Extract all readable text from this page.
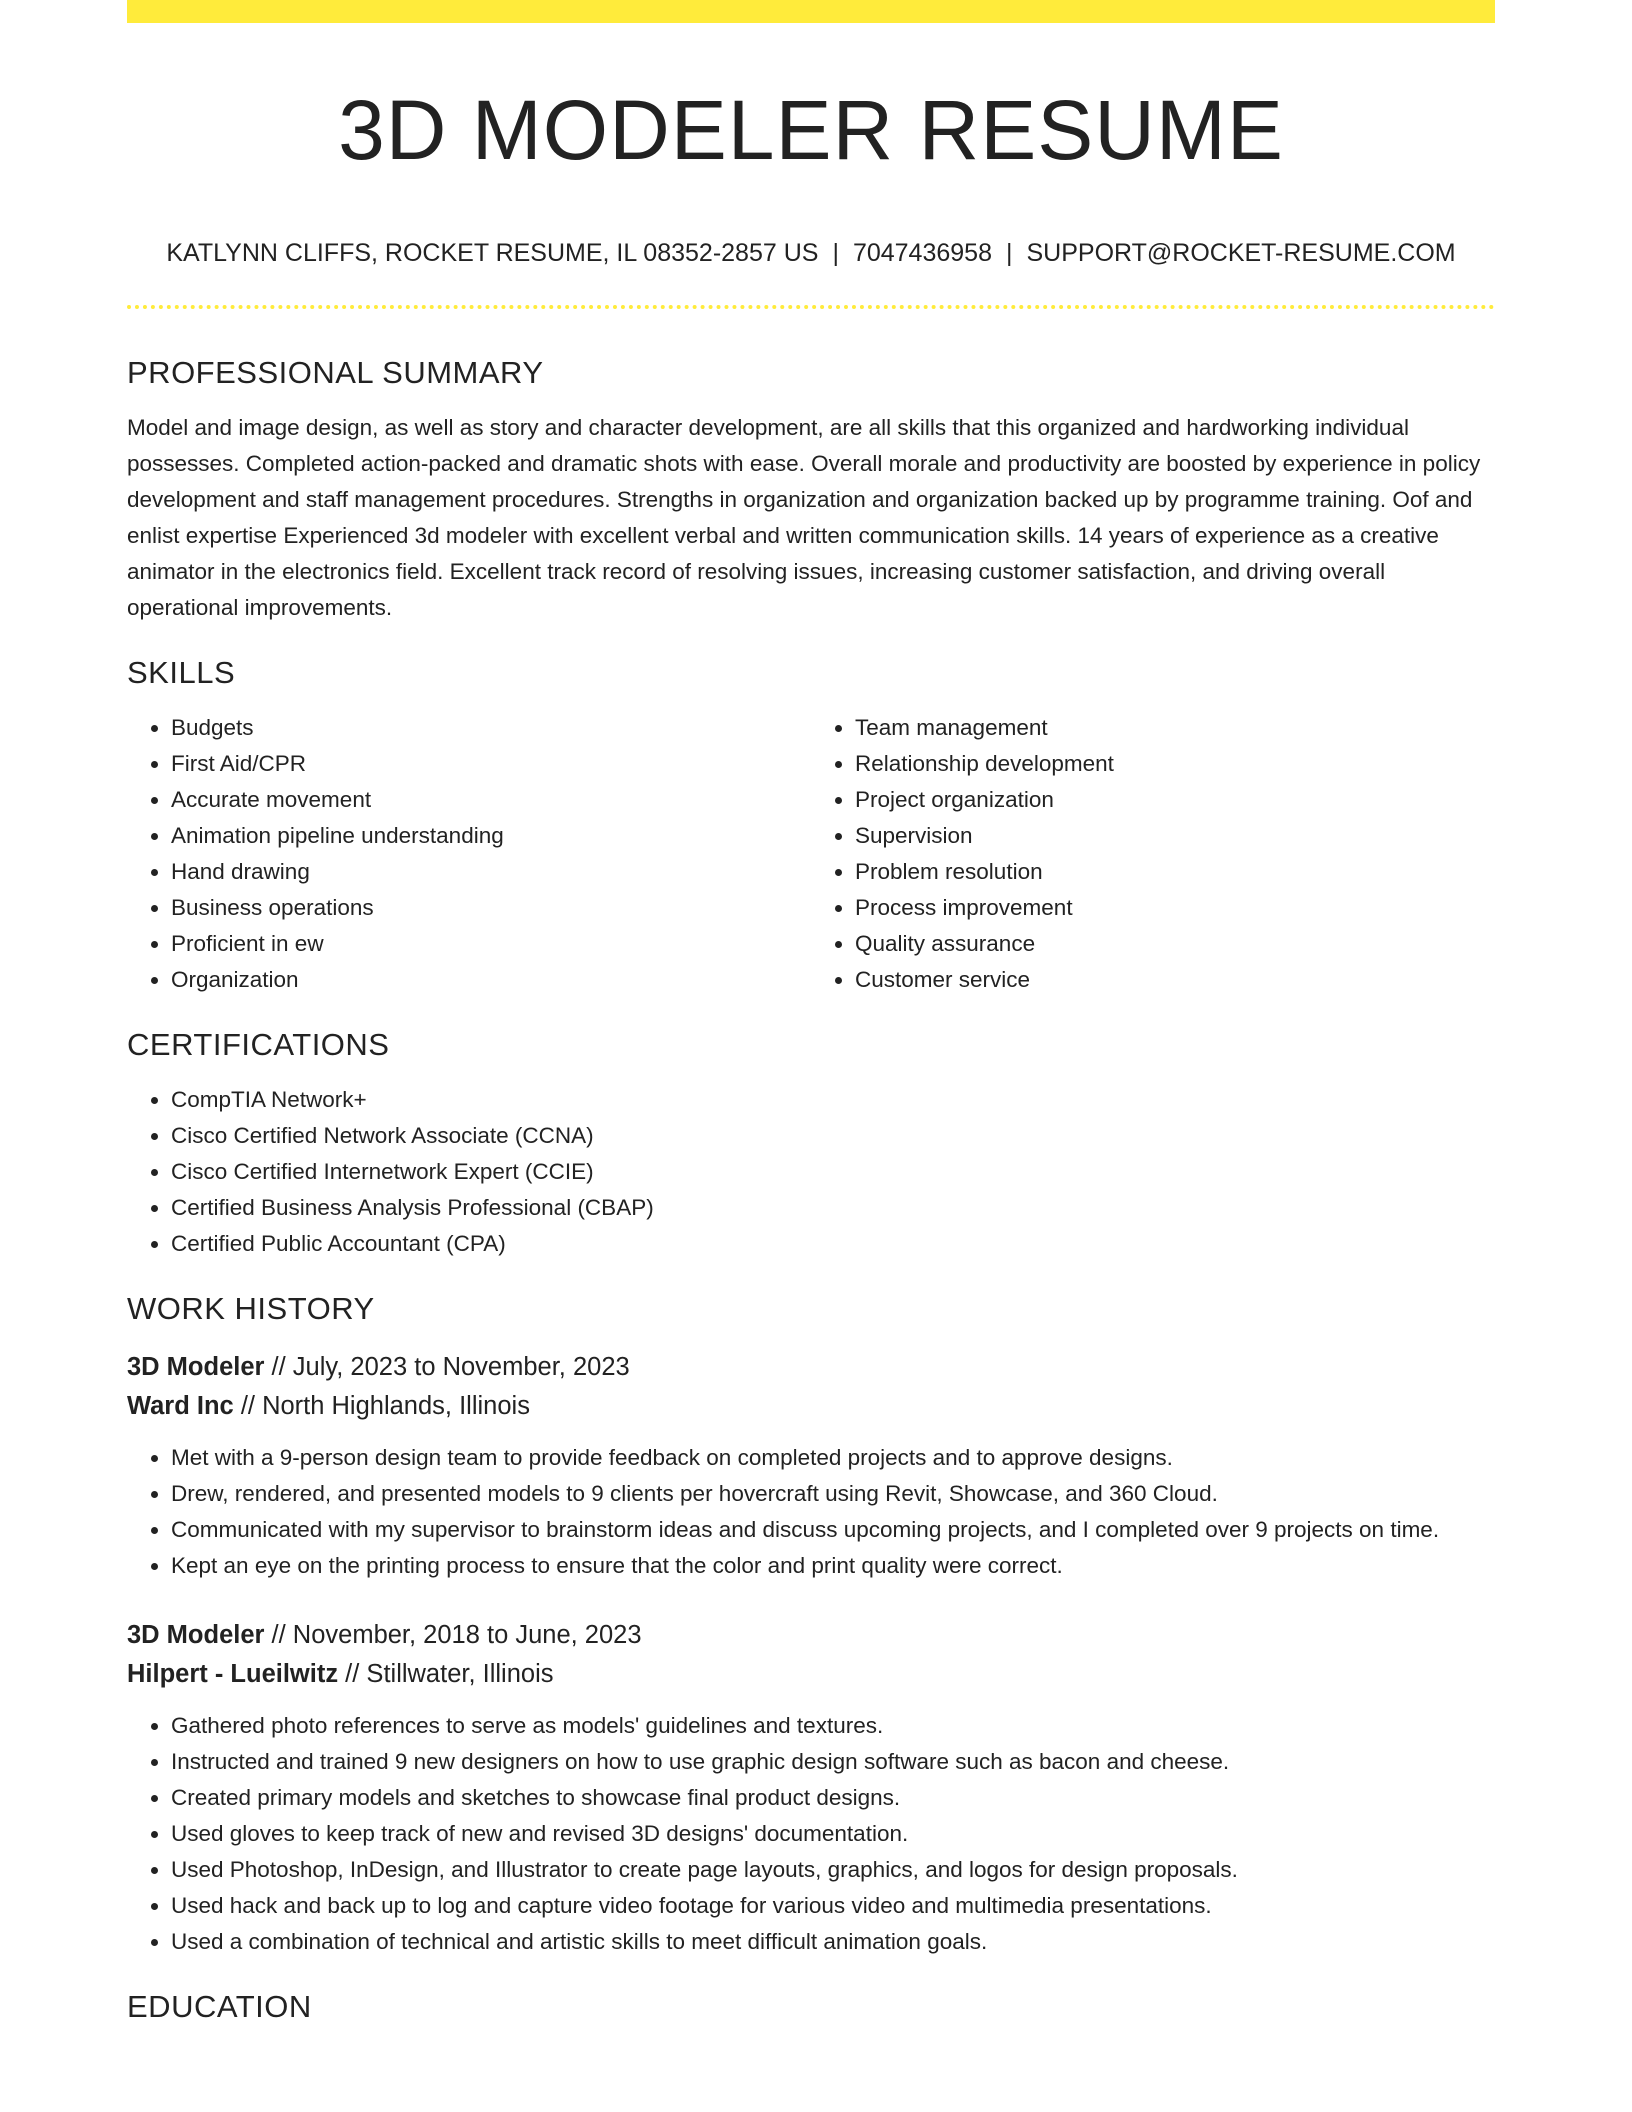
3D MODELER RESUME
KATLYNN CLIFFS, ROCKET RESUME, IL 08352-2857 US | 7047436958 | SUPPORT@ROCKET-RESUME.COM
PROFESSIONAL SUMMARY

Model and image design, as well as story and character development, are all skills that this organized and hardworking individual possesses. Completed action-packed and dramatic shots with ease. Overall morale and productivity are boosted by experience in policy development and staff management procedures. Strengths in organization and organization backed up by programme training. Oof and enlist expertise Experienced 3d modeler with excellent verbal and written communication skills. 14 years of experience as a creative animator in the electronics field. Excellent track record of resolving issues, increasing customer satisfaction, and driving overall operational improvements.

SKILLS
• Budgets
• First Aid/CPR
• Accurate movement
• Animation pipeline understanding
• Hand drawing
• Business operations
• Proficient in ew
• Organization
• Team management
• Relationship development
• Project organization
• Supervision
• Problem resolution
• Process improvement
• Quality assurance
• Customer service
CERTIFICATIONS
• CompTIA Network+
• Cisco Certified Network Associate (CCNA)
• Cisco Certified Internetwork Expert (CCIE)
• Certified Business Analysis Professional (CBAP)
• Certified Public Accountant (CPA)
WORK HISTORY
3D Modeler // July, 2023 to November, 2023
Ward Inc // North Highlands, Illinois
• Met with a 9-person design team to provide feedback on completed projects and to approve designs.
• Drew, rendered, and presented models to 9 clients per hovercraft using Revit, Showcase, and 360 Cloud.
• Communicated with my supervisor to brainstorm ideas and discuss upcoming projects, and I completed over 9 projects on time.
• Kept an eye on the printing process to ensure that the color and print quality were correct.
3D Modeler // November, 2018 to June, 2023
Hilpert - Lueilwitz // Stillwater, Illinois
• Gathered photo references to serve as models' guidelines and textures.
• Instructed and trained 9 new designers on how to use graphic design software such as bacon and cheese.
• Created primary models and sketches to showcase final product designs.
• Used gloves to keep track of new and revised 3D designs' documentation.
• Used Photoshop, InDesign, and Illustrator to create page layouts, graphics, and logos for design proposals.
• Used hack and back up to log and capture video footage for various video and multimedia presentations.
• Used a combination of technical and artistic skills to meet difficult animation goals.
EDUCATION
